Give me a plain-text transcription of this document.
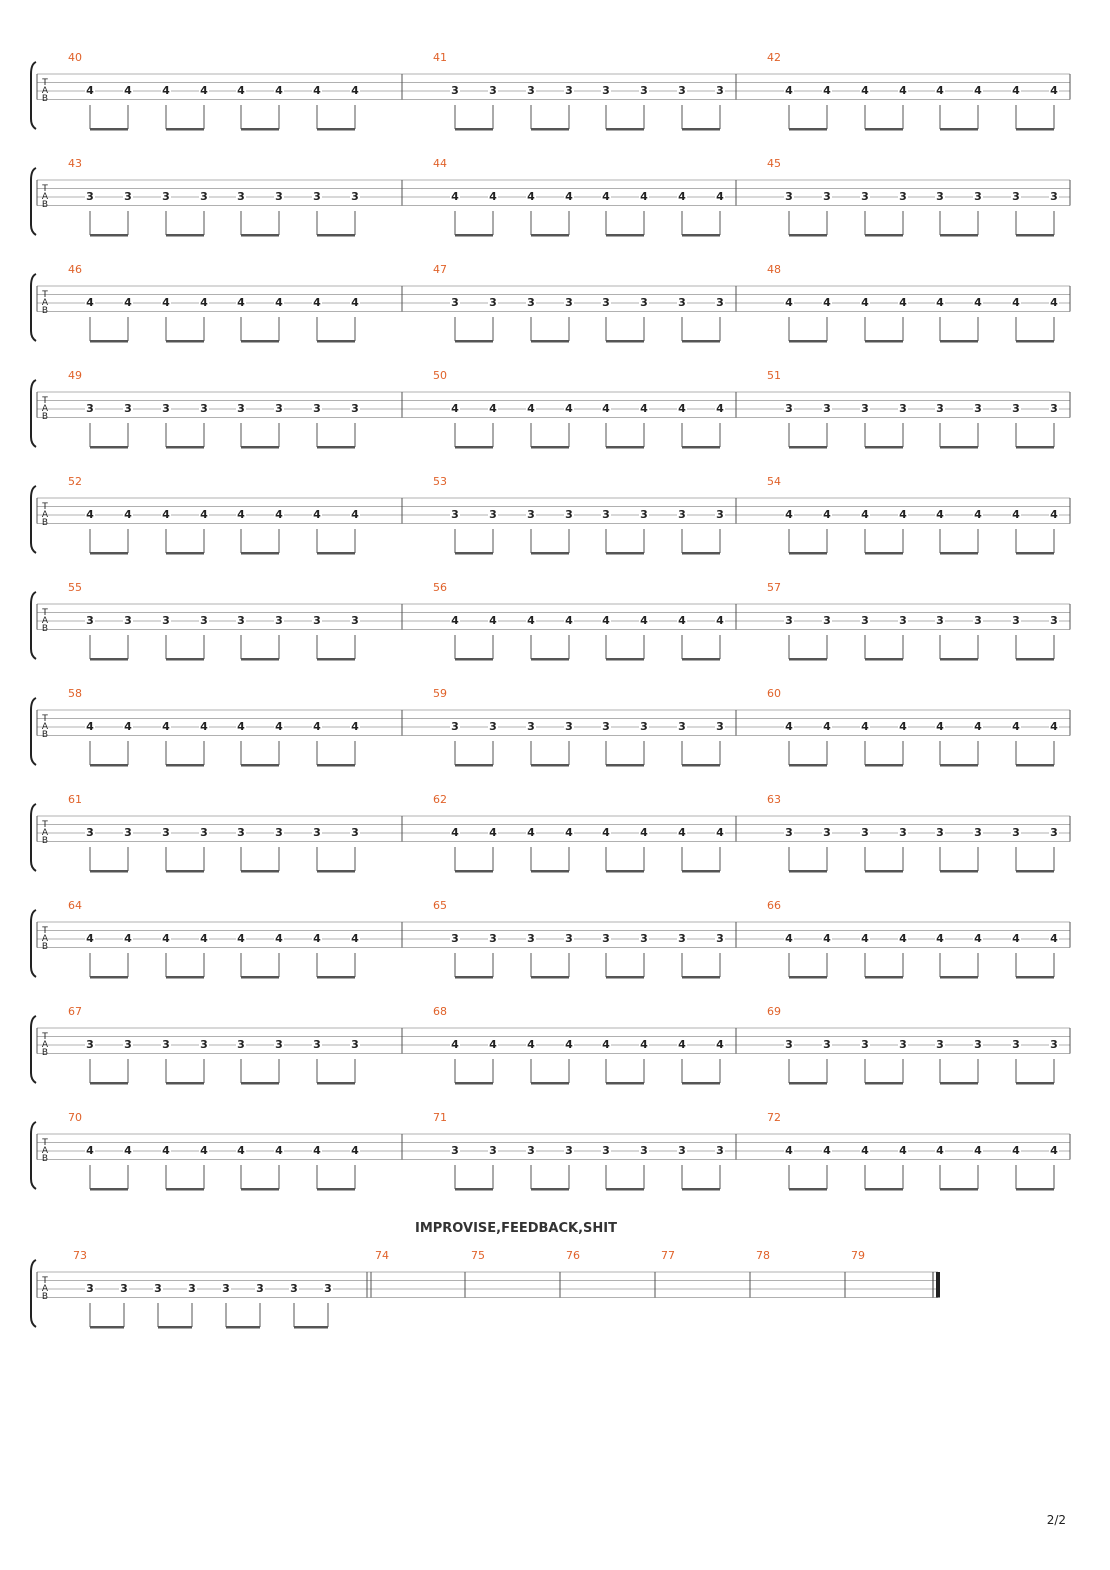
T
A
B
40
4	4	4	4	4	4	4	4
41
3	3	3	3	3	3	3	3
42
4	4	4	4	4	4	4	4
T
A
B
43
3	3	3	3	3	3	3	3
44
4	4	4	4	4	4	4	4
45
3	3	3	3	3	3	3	3
T
A
B
46
4	4	4	4	4	4	4	4
47
3	3	3	3	3	3	3	3
48
4	4	4	4	4	4	4	4
T
A
B
49
3	3	3	3	3	3	3	3
50
4	4	4	4	4	4	4	4
51
3	3	3	3	3	3	3	3
T
A
B
52
4	4	4	4	4	4	4	4
53
3	3	3	3	3	3	3	3
54
4	4	4	4	4	4	4	4
T
A
B
55
3	3	3	3	3	3	3	3
56
4	4	4	4	4	4	4	4
57
3	3	3	3	3	3	3	3
T
A
B
58
4	4	4	4	4	4	4	4
59
3	3	3	3	3	3	3	3
60
4	4	4	4	4	4	4	4
T
A
B
61
3	3	3	3	3	3	3	3
62
4	4	4	4	4	4	4	4
63
3	3	3	3	3	3	3	3
T
A
B
64
4	4	4	4	4	4	4	4
65
3	3	3	3	3	3	3	3
66
4	4	4	4	4	4	4	4
T
A
B
67
3	3	3	3	3	3	3	3
68
4	4	4	4	4	4	4	4
69
3	3	3	3	3	3	3	3
T
A
B
70
4	4	4	4	4	4	4	4
71
3	3	3	3	3	3	3	3
72
4	4	4	4	4	4	4	4
IMPROVISE,FEEDBACK,SHIT
T
A
B
73
3 3 3 3 3 3 3 3
74	75	76	77	78	79
2/2
